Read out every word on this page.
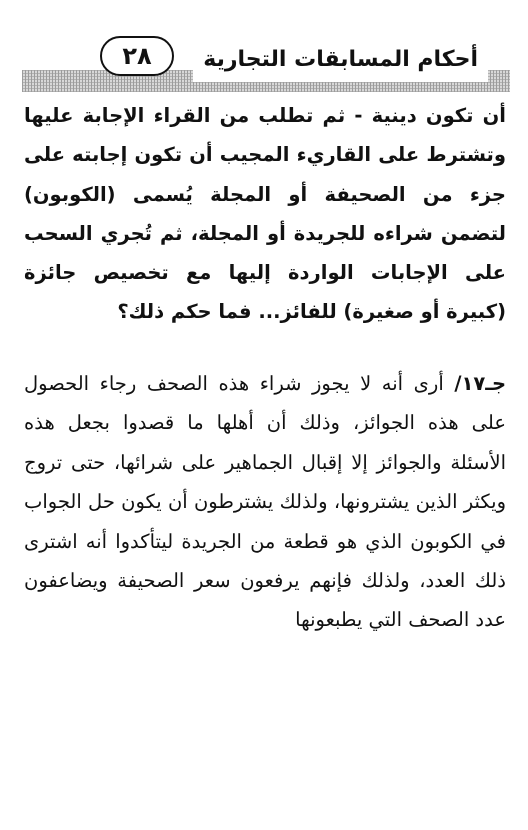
أحكام المسابقات التجارية
٢٨
أن تكون دينية - ثم تطلب من القراء الإجابة عليها وتشترط على القاريء المجيب أن تكون إجابته على جزء من الصحيفة أو المجلة يُسمى (الكوبون) لتضمن شراءه للجريدة أو المجلة، ثم تُجري السحب على الإجابات الواردة إليها مع تخصيص جائزة (كبيرة أو صغيرة) للفائز... فما حكم ذلك؟
جـ١٧/ أرى أنه لا يجوز شراء هذه الصحف رجاء الحصول على هذه الجوائز، وذلك أن أهلها ما قصدوا بجعل هذه الأسئلة والجوائز إلا إقبال الجماهير على شرائها، حتى تروج ويكثر الذين يشترونها، ولذلك يشترطون أن يكون حل الجواب في الكوبون الذي هو قطعة من الجريدة ليتأكدوا أنه اشترى ذلك العدد، ولذلك فإنهم يرفعون سعر الصحيفة ويضاعفون عدد الصحف التي يطبعونها
